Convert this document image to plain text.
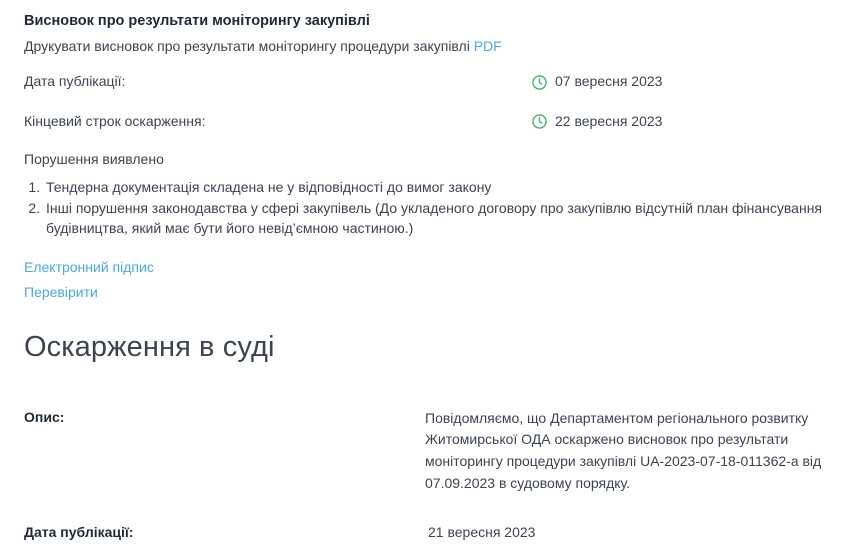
Висновок про результати моніторингу закупівлі
Друкувати висновок про результати моніторингу процедури закупівлі PDF
Дата публікації:	07 вересня 2023
Кінцевий строк оскарження:	22 вересня 2023
Порушення виявлено
1. Тендерна документація складена не у відповідності до вимог закону
2. Інші порушення законодавства у сфері закупівель (До укладеного договору про закупівлю відсутній план фінансування будівництва, який має бути його невід’ємною частиною.)
Електронний підпис
Перевірити
Оскарження в суді
Опис:	Повідомляємо, що Департаментом регіонального розвитку Житомирської ОДА оскаржено висновок про результати моніторингу процедури закупівлі UA-2023-07-18-011362-а від 07.09.2023 в судовому порядку.
Дата публікації:	21 вересня 2023
